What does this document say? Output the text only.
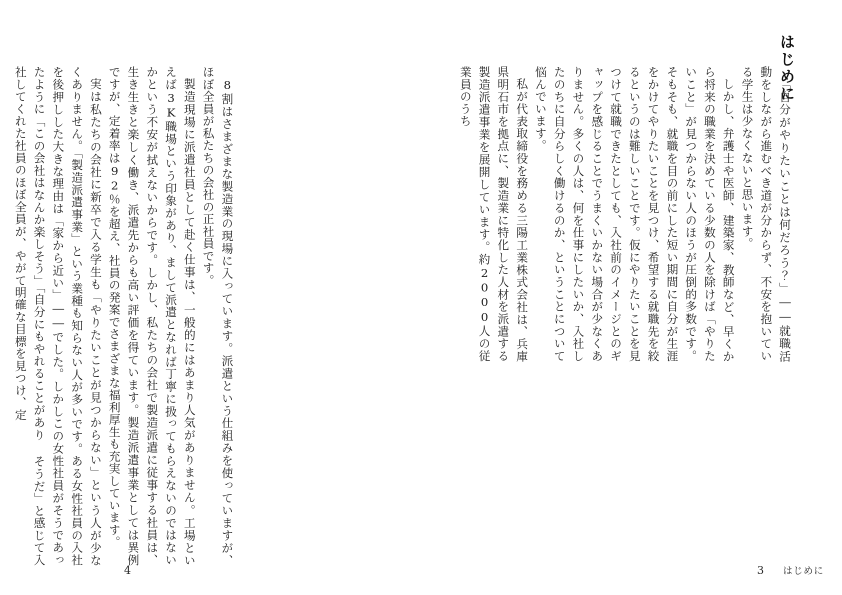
8割はさまざまな製造業の現場に入っています。派遣という仕組みを使っていますが、ほぼ全員が私たちの会社の正社員です。

製造現場に派遣社員として赴く仕事は、一般的にはあまり人気がありません。工場といえば3K職場という印象があり、まして派遣となれば丁寧に扱ってもらえないのではないかという不安が拭えないからです。しかし、私たちの会社で製造派遣に従事する社員は、生き生きと楽しく働き、派遣先からも高い評価を得ています。製造派遣事業としては異例ですが、定着率は92％を超え、社員の発案でさまざまな福利厚生も充実しています。

実は私たちの会社に新卒で入る学生も「やりたいことが見つからない」という人が少なくありません。「製造派遣事業」という業種も知らない人が多いです。ある女性社員の入社を後押しした大きな理由は「家から近い」――でした。しかしこの女性社員がそうであったように「この会社はなんか楽しそう」「自分にもやれることがあり そうだ」と感じて入社してくれた社員のほぼ全員が、やがて明確な目標を見つけ、定

4
はじめに

「自分がやりたいことは何だろう？」――就職活動をしながら進むべき道が分からず、不安を抱いている学生は少なくないと思います。

しかし、弁護士や医師、建築家、教師など、早くから将来の職業を決めている少数の人を除けば「やりたいこと」が見つからない人のほうが圧倒的多数です。そもそも、就職を目の前にした短い期間に自分が生涯をかけてやりたいことを見つけ、希望する就職先を絞るというのは難しいことです。仮にやりたいことを見つけて就職できたとしても、入社前のイメージとのギャップを感じることでうまくいかない場合が少なくありません。多くの人は、何を仕事にしたいか、入社したのちに自分らしく働けるのか、ということについて悩んでいます。

私が代表取締役を務める三陽工業株式会社は、兵庫県明石市を拠点に、製造業に特化した人材を派遣する製造派遣事業を展開しています。約2000人の従業員のうち

3 はじめに
